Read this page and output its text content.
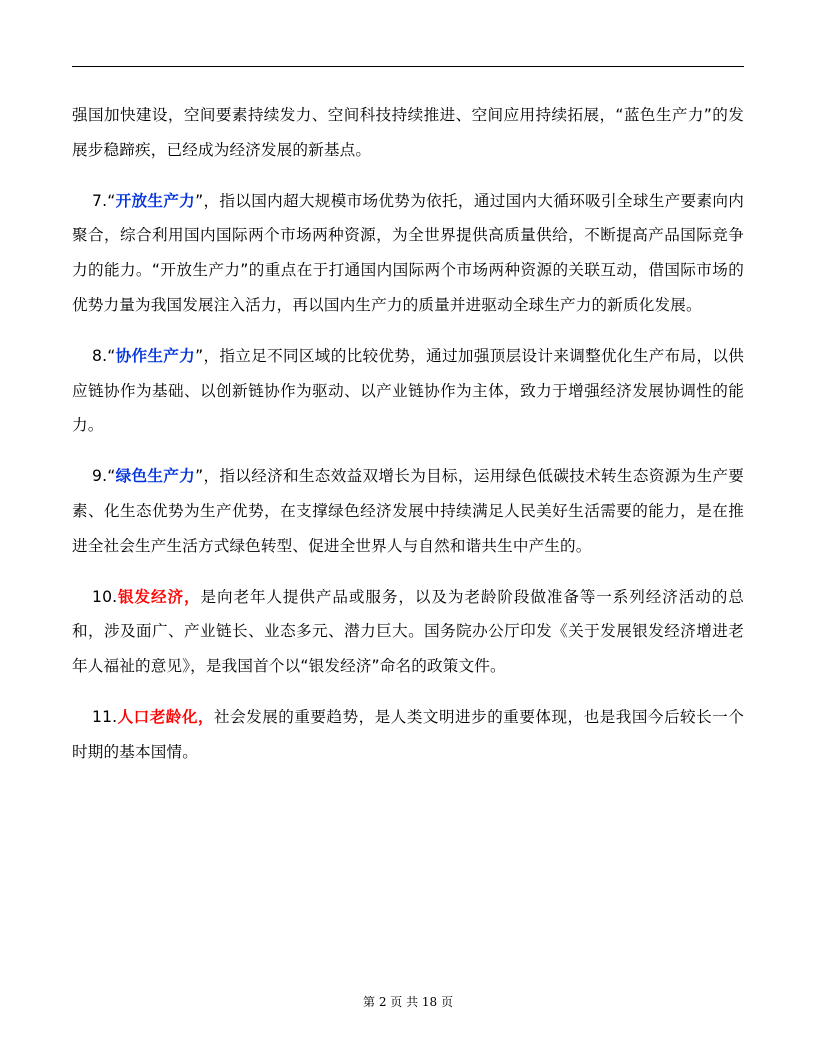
强国加快建设，空间要素持续发力、空间科技持续推进、空间应用持续拓展，“蓝色生产力”的发展步稳蹄疾，已经成为经济发展的新基点。

7.“开放生产力”，指以国内超大规模市场优势为依托，通过国内大循环吸引全球生产要素向内聚合，综合利用国内国际两个市场两种资源，为全世界提供高质量供给，不断提高产品国际竞争力的能力。“开放生产力”的重点在于打通国内国际两个市场两种资源的关联互动，借国际市场的优势力量为我国发展注入活力，再以国内生产力的质量并进驱动全球生产力的新质化发展。

8.“协作生产力”，指立足不同区域的比较优势，通过加强顶层设计来调整优化生产布局，以供应链协作为基础、以创新链协作为驱动、以产业链协作为主体，致力于增强经济发展协调性的能力。

9.“绿色生产力”，指以经济和生态效益双增长为目标，运用绿色低碳技术转生态资源为生产要素、化生态优势为生产优势，在支撑绿色经济发展中持续满足人民美好生活需要的能力，是在推进全社会生产生活方式绿色转型、促进全世界人与自然和谐共生中产生的。

10.银发经济，是向老年人提供产品或服务，以及为老龄阶段做准备等一系列经济活动的总和，涉及面广、产业链长、业态多元、潜力巨大。国务院办公厅印发《关于发展银发经济增进老年人福祉的意见》，是我国首个以“银发经济”命名的政策文件。

11.人口老龄化，社会发展的重要趋势，是人类文明进步的重要体现，也是我国今后较长一个时期的基本国情。

第 2 页 共 18 页
